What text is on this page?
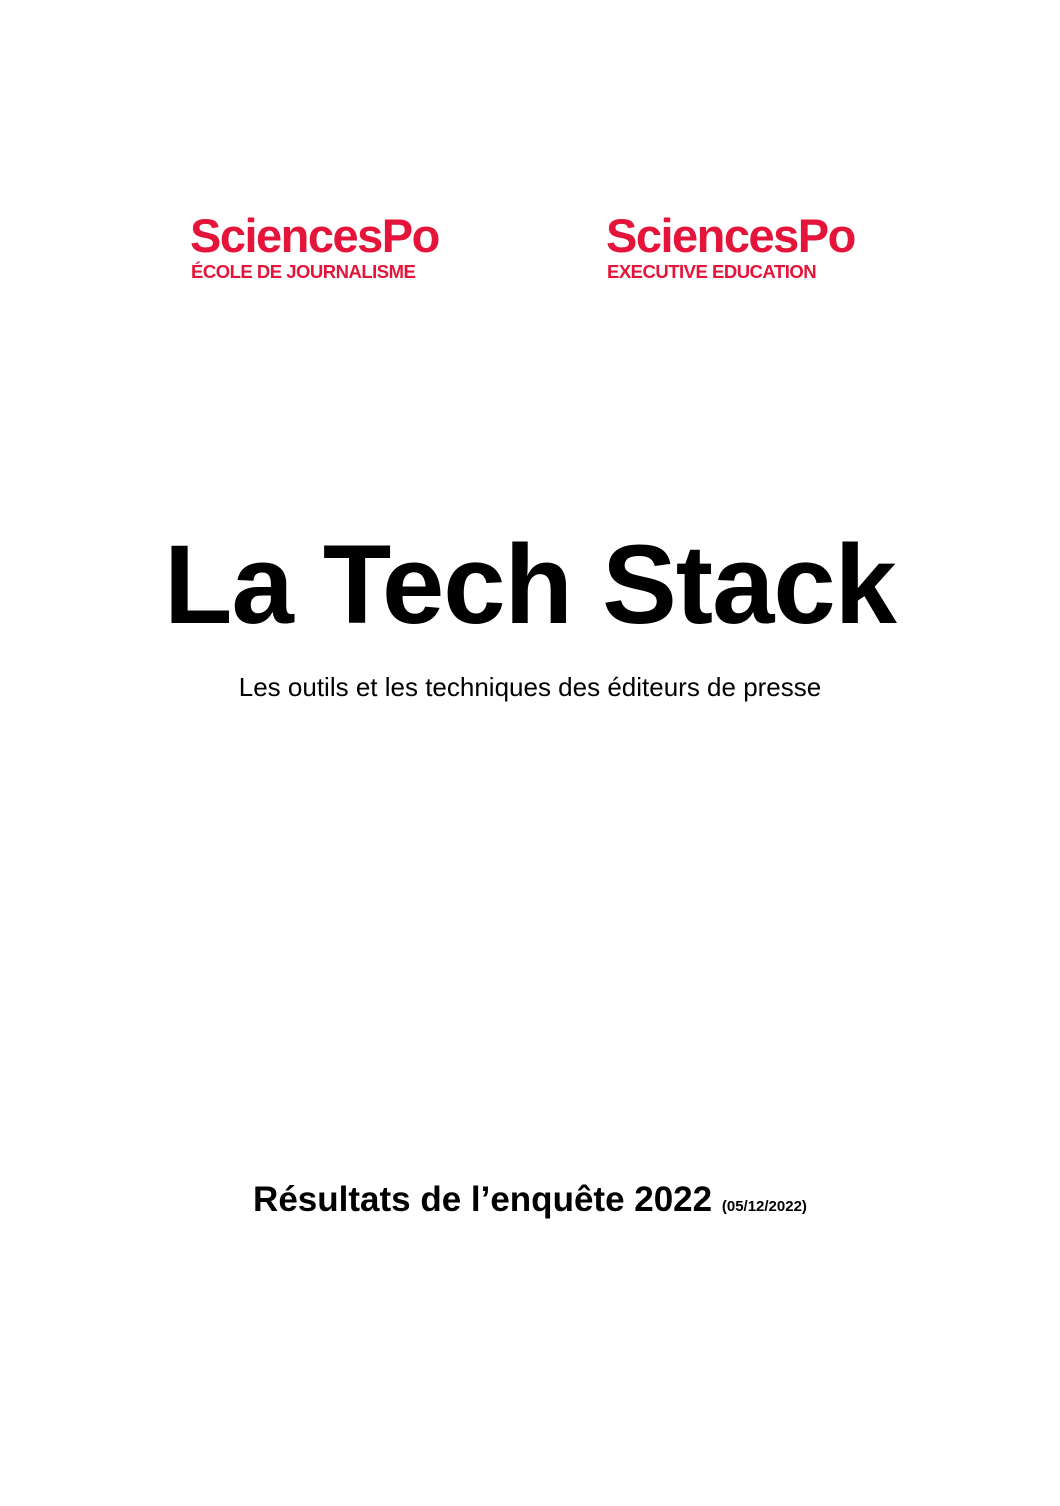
SciencesPo
ÉCOLE DE JOURNALISME
SciencesPo
EXECUTIVE EDUCATION
La Tech Stack
Les outils et les techniques des éditeurs de presse
Résultats de l’enquête 2022 (05/12/2022)
